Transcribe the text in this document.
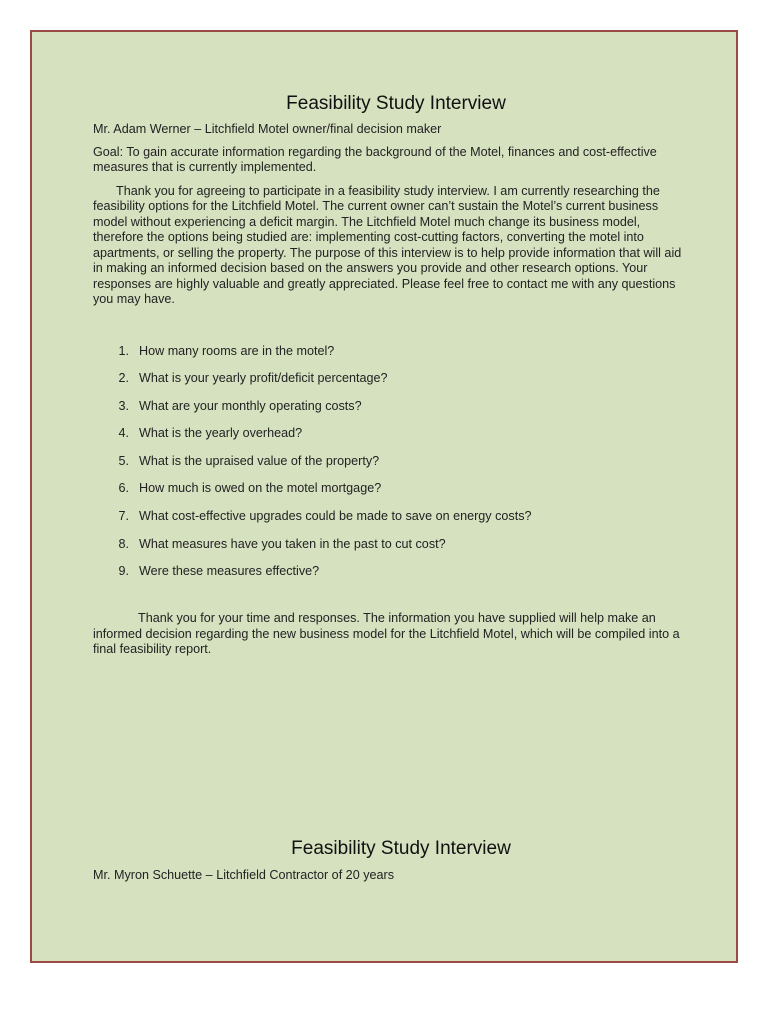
Feasibility Study Interview

Mr. Adam Werner – Litchfield Motel owner/final decision maker

Goal: To gain accurate information regarding the background of the Motel, finances and cost-effective measures that is currently implemented.

Thank you for agreeing to participate in a feasibility study interview. I am currently researching the feasibility options for the Litchfield Motel. The current owner can’t sustain the Motel’s current business model without experiencing a deficit margin. The Litchfield Motel much change its business model, therefore the options being studied are: implementing cost-cutting factors, converting the motel into apartments, or selling the property. The purpose of this interview is to help provide information that will aid in making an informed decision based on the answers you provide and other research options. Your responses are highly valuable and greatly appreciated. Please feel free to contact me with any questions you may have.

1. How many rooms are in the motel?
2. What is your yearly profit/deficit percentage?
3. What are your monthly operating costs?
4. What is the yearly overhead?
5. What is the upraised value of the property?
6. How much is owed on the motel mortgage?
7. What cost-effective upgrades could be made to save on energy costs?
8. What measures have you taken in the past to cut cost?
9. Were these measures effective?

Thank you for your time and responses. The information you have supplied will help make an informed decision regarding the new business model for the Litchfield Motel, which will be compiled into a final feasibility report.

Feasibility Study Interview

Mr. Myron Schuette – Litchfield Contractor of 20 years
